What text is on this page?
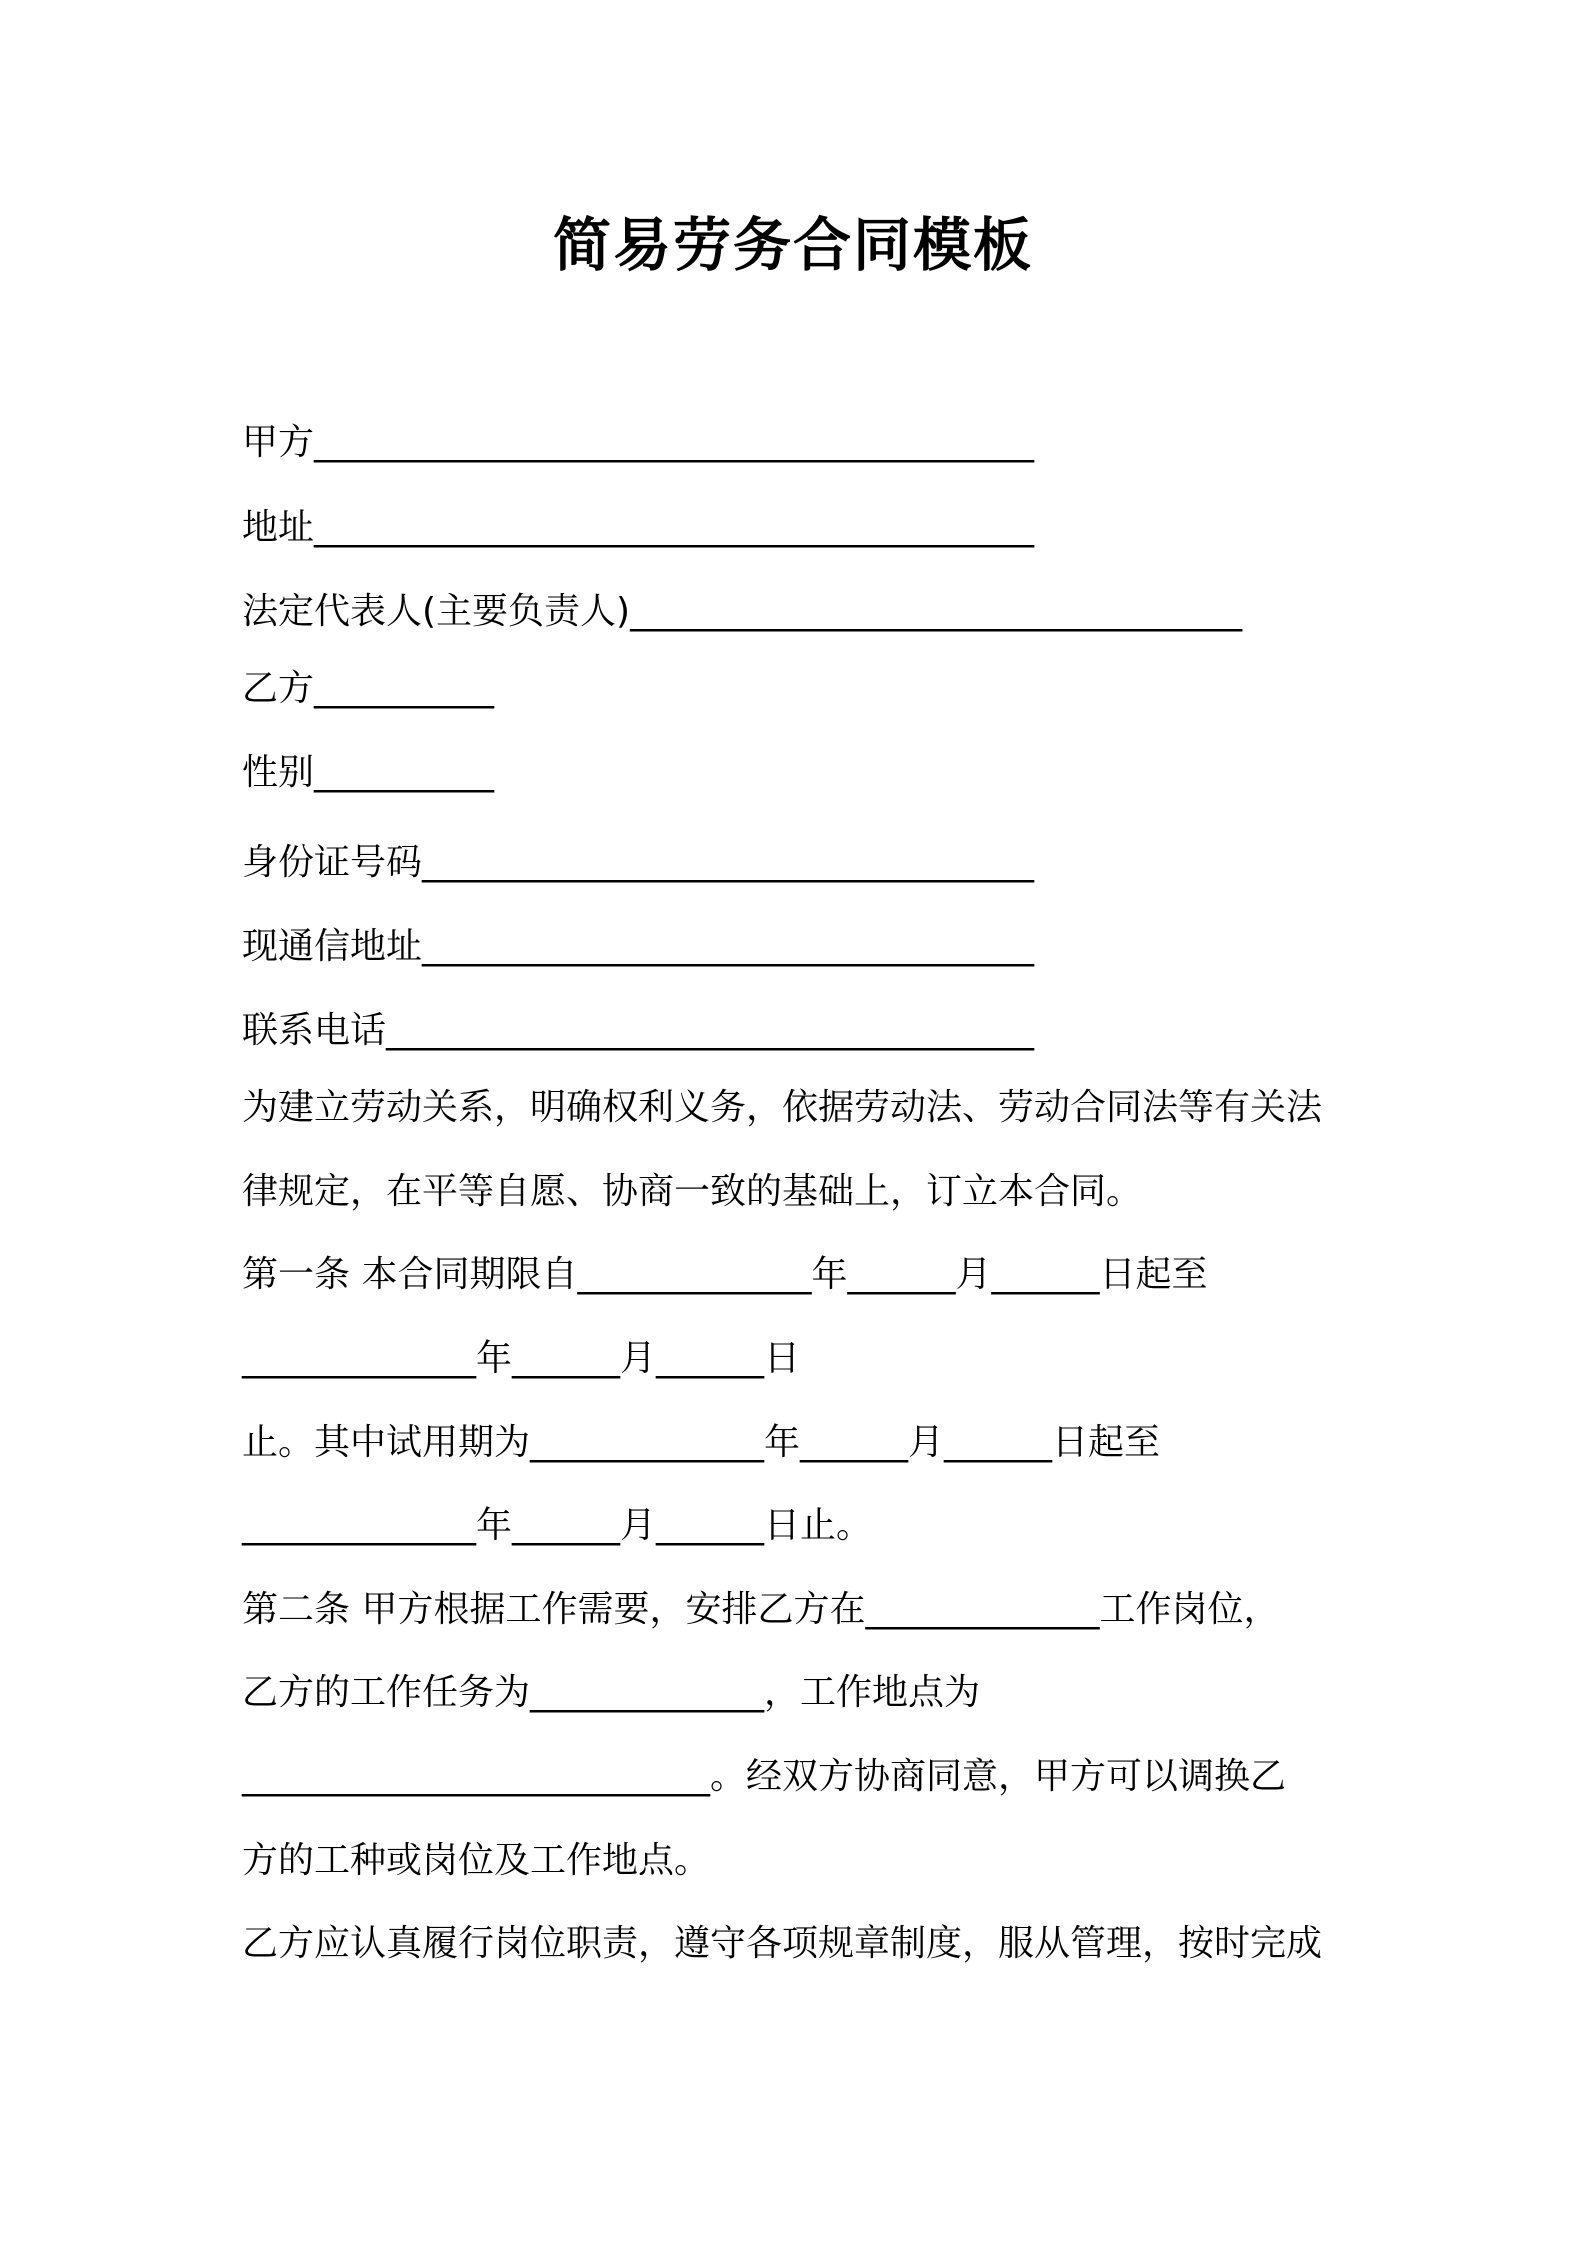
简易劳务合同模板
甲方________________________________________
地址________________________________________
法定代表人(主要负责人)__________________________________
乙方__________
性别__________
身份证号码__________________________________
现通信地址__________________________________
联系电话____________________________________
为建立劳动关系，明确权利义务，依据劳动法、劳动合同法等有关法
律规定，在平等自愿、协商一致的基础上，订立本合同。
第一条 本合同期限自_____________年______月______日起至
_____________年______月______日
止。其中试用期为_____________年______月______日起至
_____________年______月______日止。
第二条 甲方根据工作需要，安排乙方在_____________工作岗位，
乙方的工作任务为_____________，工作地点为
__________________________。经双方协商同意，甲方可以调换乙
方的工种或岗位及工作地点。
乙方应认真履行岗位职责，遵守各项规章制度，服从管理，按时完成
